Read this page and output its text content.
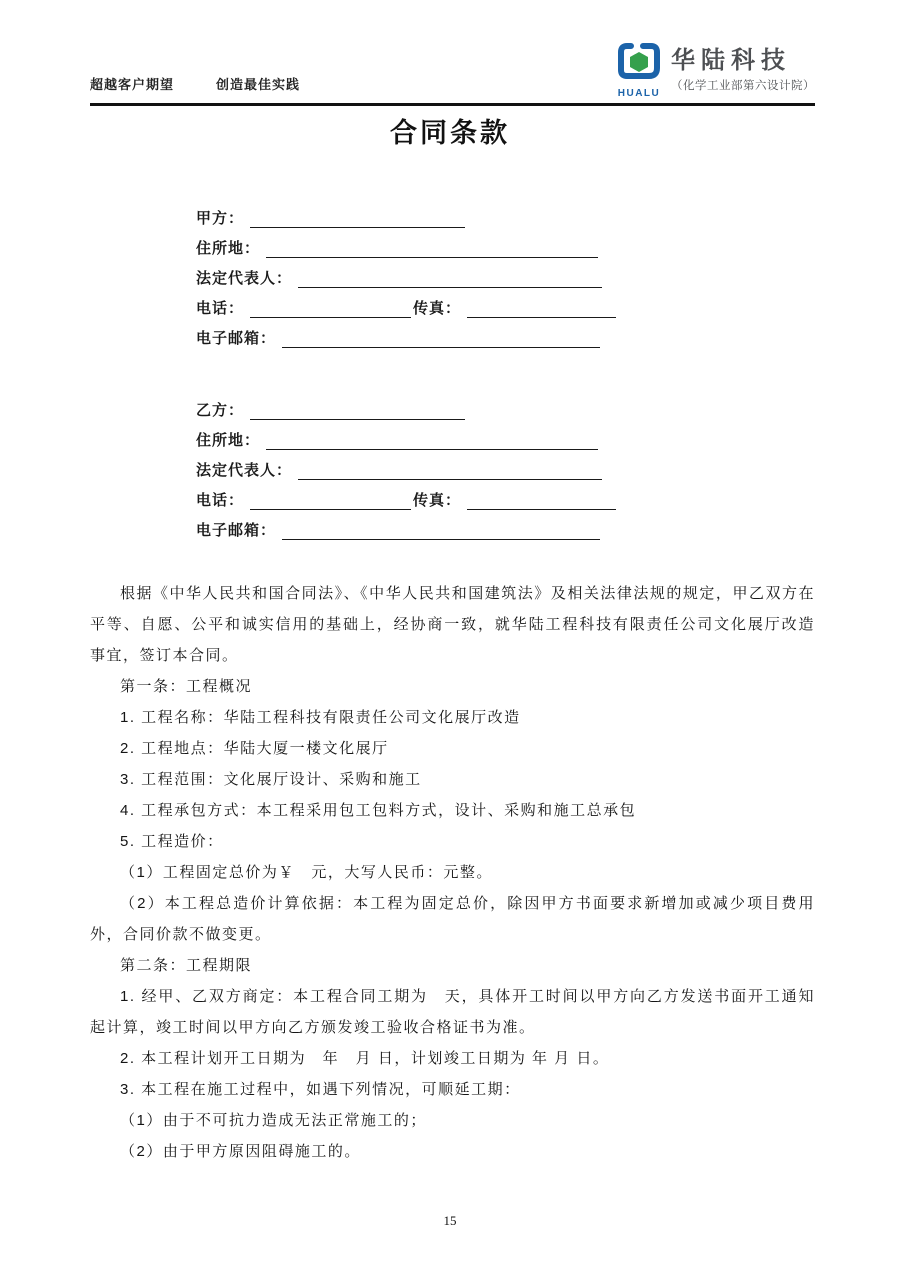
超越客户期望	创造最佳实践
HUALU
华陆科技
（化学工业部第六设计院）
合同条款
甲方：
住所地：
法定代表人：
电话：	传真：
电子邮箱：
乙方：
住所地：
法定代表人：
电话：	传真：
电子邮箱：

根据《中华人民共和国合同法》、《中华人民共和国建筑法》及相关法律法规的规定，甲乙双方在平等、自愿、公平和诚实信用的基础上，经协商一致，就华陆工程科技有限责任公司文化展厅改造事宜，签订本合同。

第一条：工程概况

1. 工程名称：华陆工程科技有限责任公司文化展厅改造

2. 工程地点：华陆大厦一楼文化展厅

3. 工程范围：文化展厅设计、采购和施工

4. 工程承包方式：本工程采用包工包料方式，设计、采购和施工总承包

5. 工程造价：

（1）工程固定总价为￥　元，大写人民币：元整。

（2）本工程总造价计算依据：本工程为固定总价，除因甲方书面要求新增加或减少项目费用外，合同价款不做变更。

第二条：工程期限

1. 经甲、乙双方商定：本工程合同工期为　天，具体开工时间以甲方向乙方发送书面开工通知起计算，竣工时间以甲方向乙方颁发竣工验收合格证书为准。

2. 本工程计划开工日期为　年　月 日，计划竣工日期为 年 月 日。

3. 本工程在施工过程中，如遇下列情况，可顺延工期：

（1）由于不可抗力造成无法正常施工的；

（2）由于甲方原因阻碍施工的。

15
